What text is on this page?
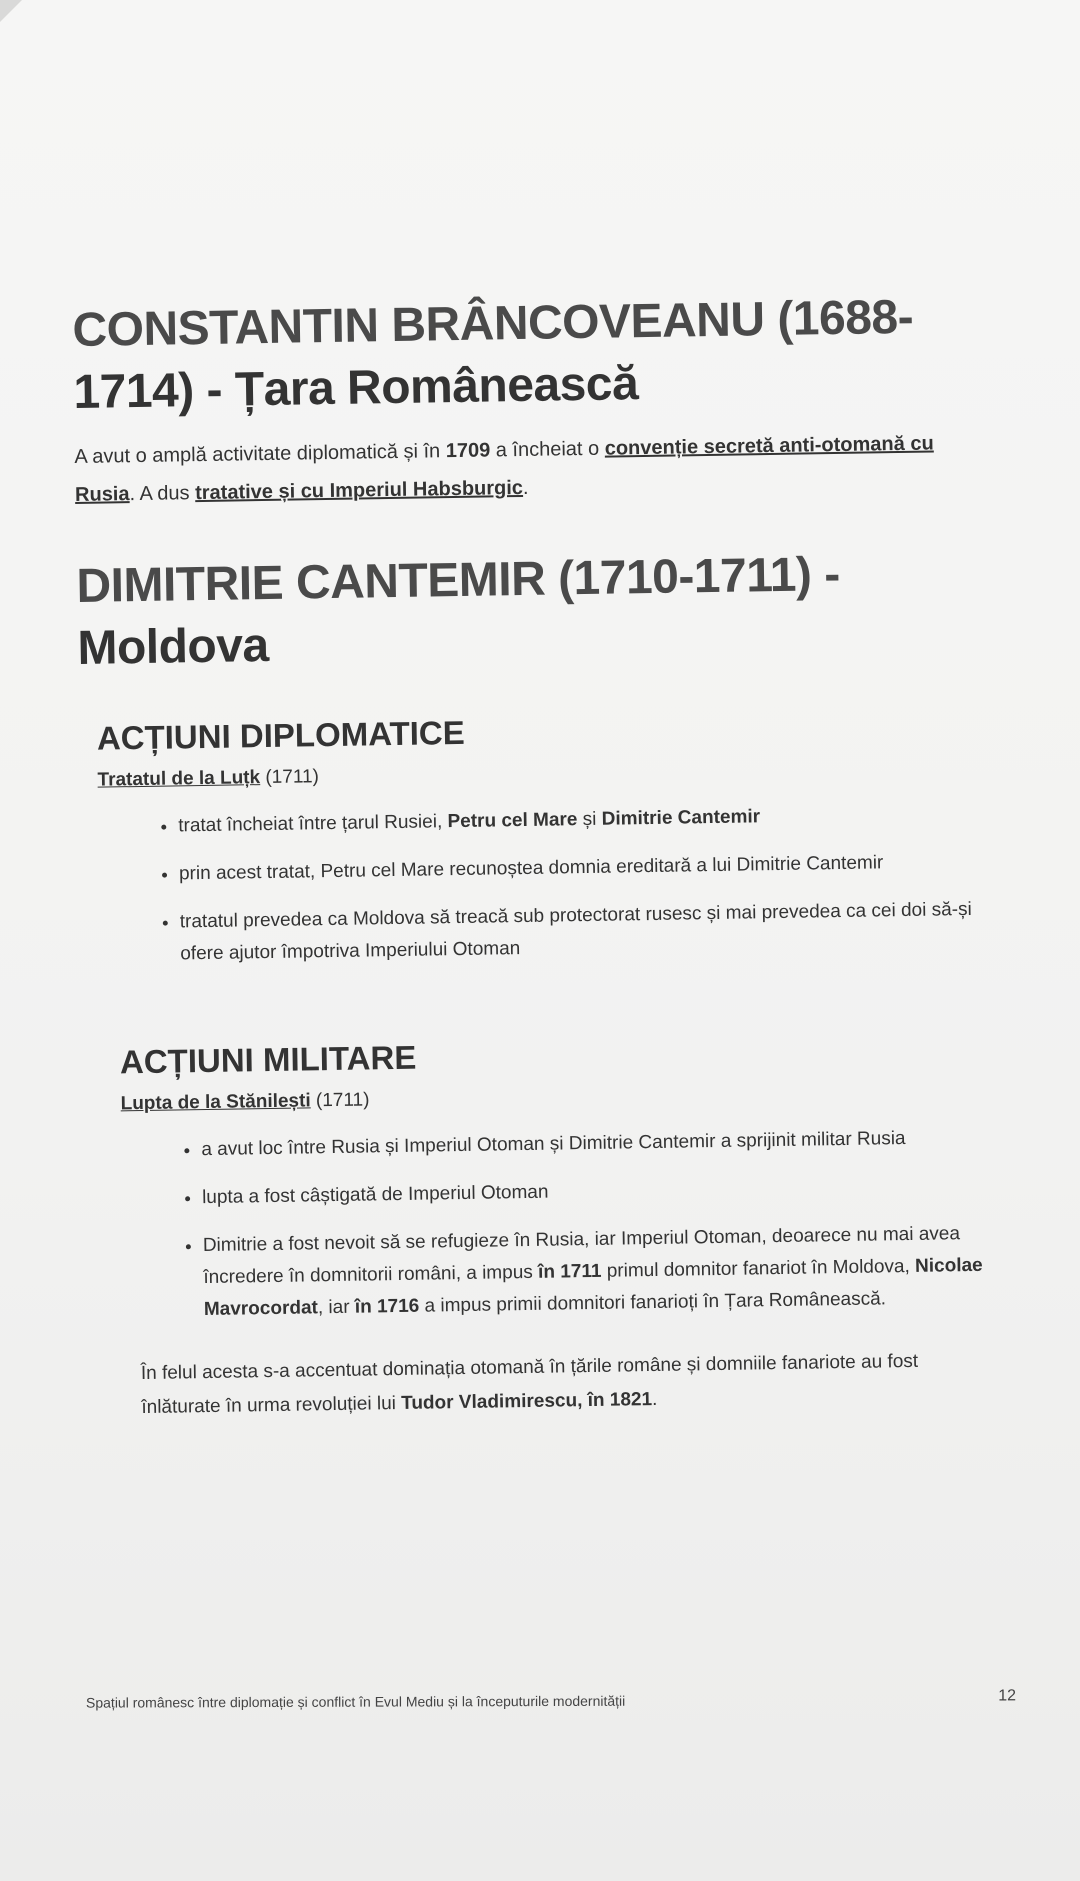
CONSTANTIN BRÂNCOVEANU (1688-
1714) - Țara Românească

A avut o amplă activitate diplomatică și în 1709 a încheiat o convenție secretă anti-otomană cu Rusia. A dus tratative și cu Imperiul Habsburgic.

DIMITRIE CANTEMIR (1710-1711) -
Moldova
ACȚIUNI DIPLOMATICE

Tratatul de la Luțk (1711)

• tratat încheiat între țarul Rusiei, Petru cel Mare și Dimitrie Cantemir
• prin acest tratat, Petru cel Mare recunoștea domnia ereditară a lui Dimitrie Cantemir
• tratatul prevedea ca Moldova să treacă sub protectorat rusesc și mai prevedea ca cei doi să-și ofere ajutor împotriva Imperiului Otoman
ACȚIUNI MILITARE

Lupta de la Stănilești (1711)

• a avut loc între Rusia și Imperiul Otoman și Dimitrie Cantemir a sprijinit militar Rusia
• lupta a fost câștigată de Imperiul Otoman
• Dimitrie a fost nevoit să se refugieze în Rusia, iar Imperiul Otoman, deoarece nu mai avea încredere în domnitorii români, a impus în 1711 primul domnitor fanariot în Moldova, Nicolae Mavrocordat, iar în 1716 a impus primii domnitori fanarioți în Țara Românească.

În felul acesta s-a accentuat dominația otomană în țările române și domniile fanariote au fost înlăturate în urma revoluției lui Tudor Vladimirescu, în 1821.

Spațiul românesc între diplomație și conflict în Evul Mediu și la începuturile modernității	12
